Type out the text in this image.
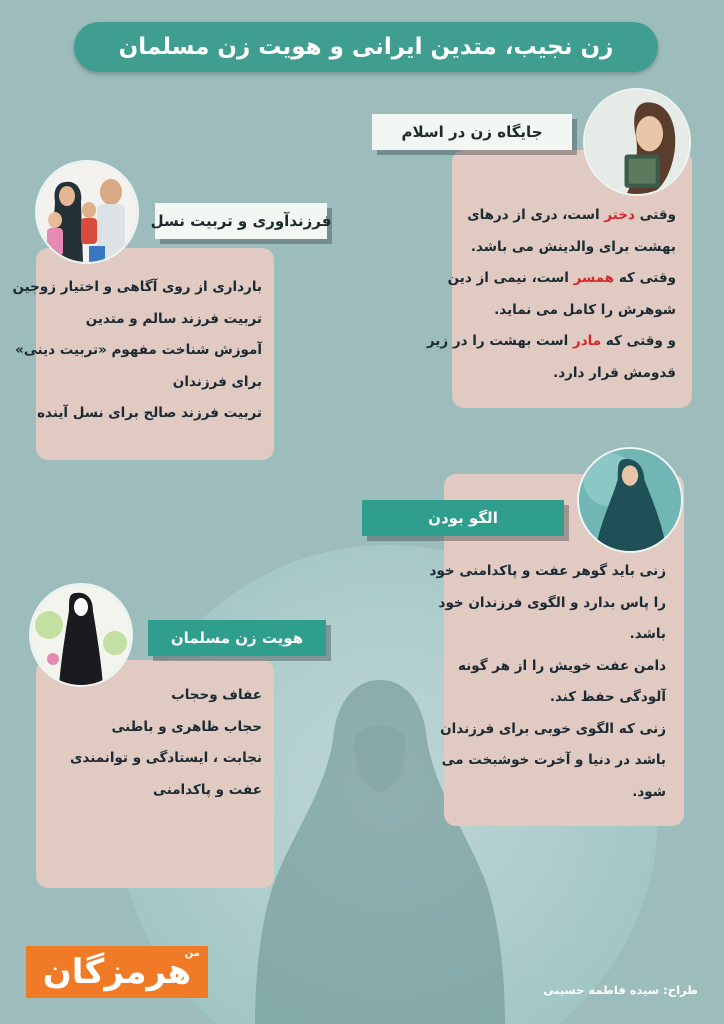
زن نجیب، متدین ایرانی و هویت زن مسلمان

وقتی دختر است، دری از درهای

بهشت برای والدینش می باشد.

وقتی که همسر است، نیمی از دین

شوهرش را کامل می نماید.

و وقتی که مادر است بهشت را در زیر

قدومش قرار دارد.

جایگاه زن در اسلام

بارداری از روی آگاهی و اختیار زوجین

تربیت فرزند سالم و متدین

آموزش شناخت مفهوم «تربیت دینی»

برای فرزندان

تربیت فرزند صالح برای نسل آینده

فرزندآوری و تربیت نسل

زنی باید گوهر عفت و پاکدامنی خود

را پاس بدارد و الگوی فرزندان خود

باشد.

دامن عفت خویش را از هر گونه

آلودگی حفظ کند.

زنی که الگوی خوبی برای فرزندان

باشد در دنیا و آخرت خوشبخت می

شود.

الگو بودن

عفاف وحجاب

حجاب ظاهری و باطنی

نجابت ، ایستادگی و توانمندی

عفت و پاکدامنی

هویت زن مسلمان
هرمزگان
من
طراح: سیده فاطمه حسینی
